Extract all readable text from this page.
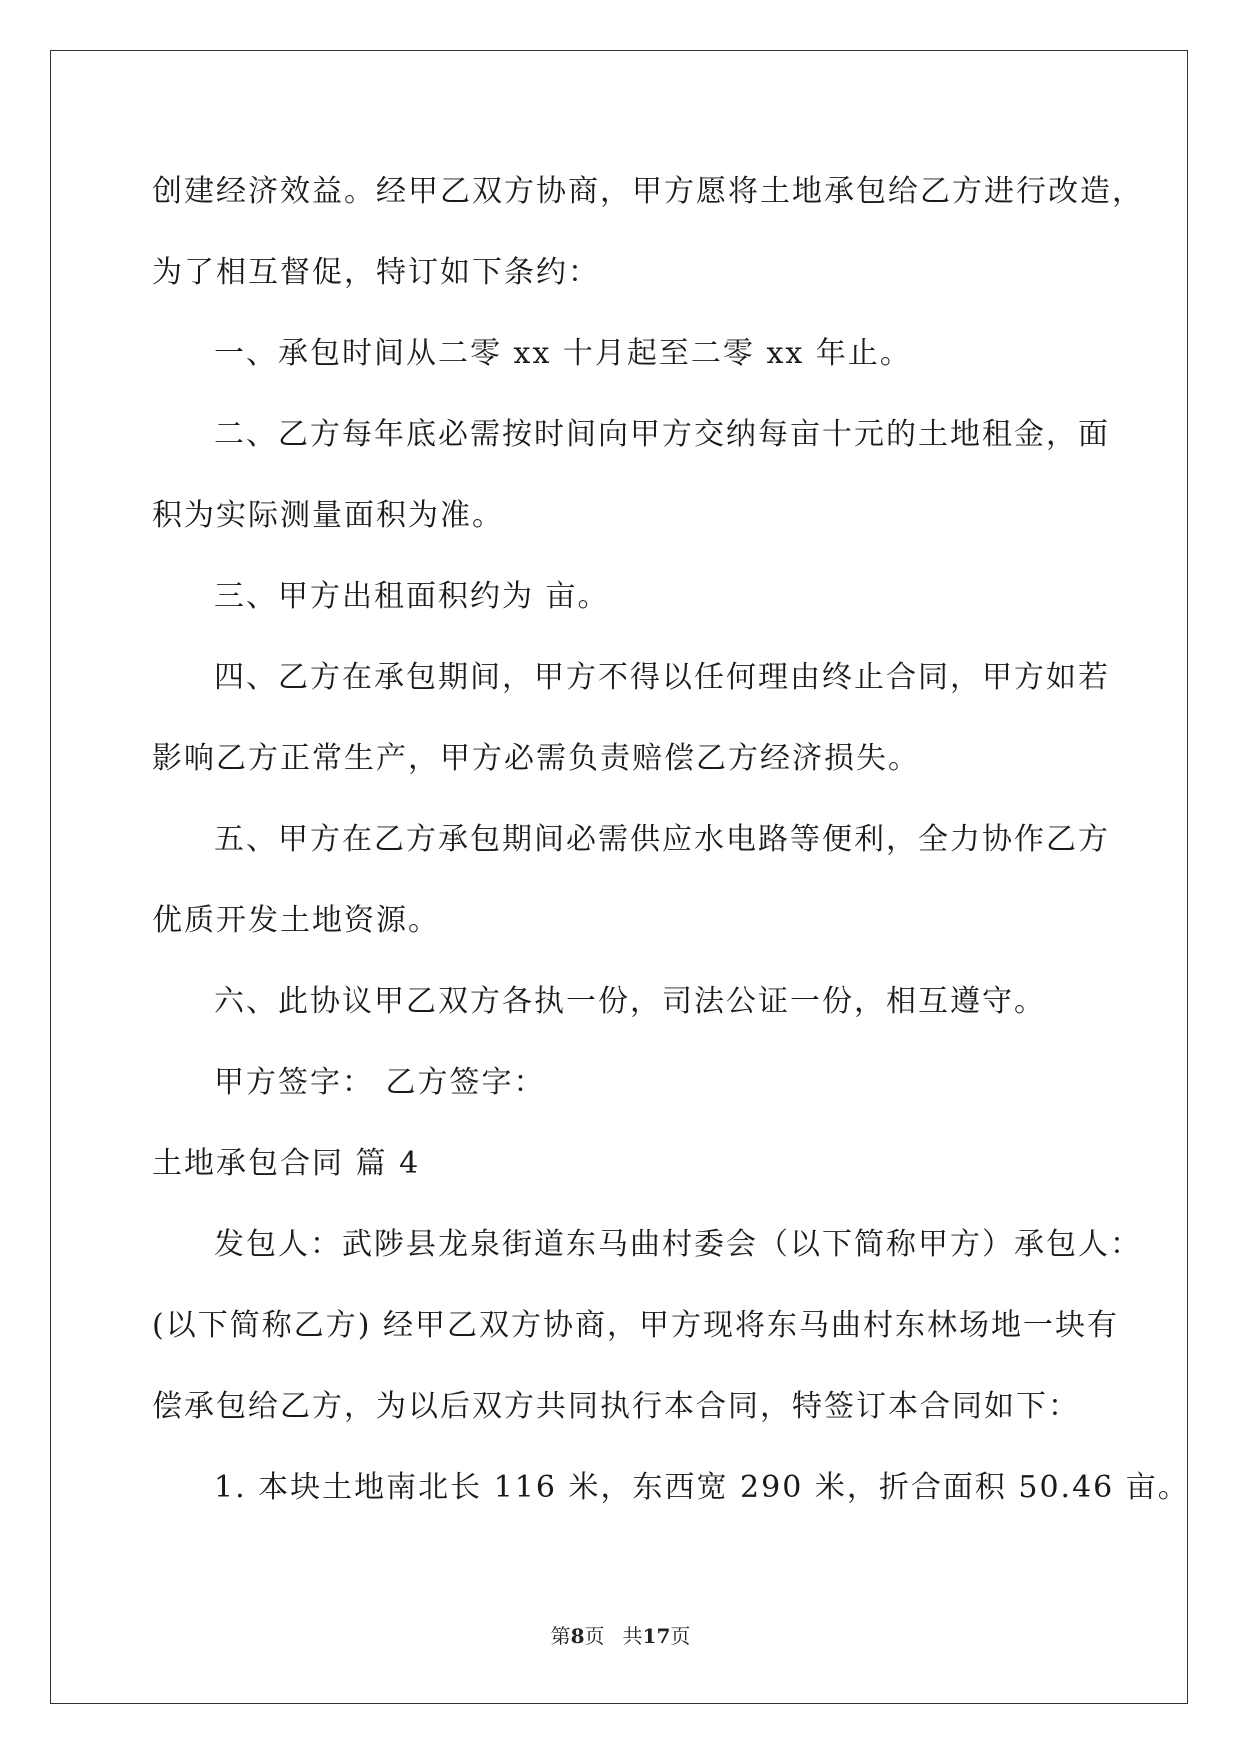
创建经济效益。经甲乙双方协商，甲方愿将土地承包给乙方进行改造，
为了相互督促，特订如下条约：
一、承包时间从二零 xx 十月起至二零 xx 年止。
二、乙方每年底必需按时间向甲方交纳每亩十元的土地租金，面
积为实际测量面积为准。
三、甲方出租面积约为 亩。
四、乙方在承包期间，甲方不得以任何理由终止合同，甲方如若
影响乙方正常生产，甲方必需负责赔偿乙方经济损失。
五、甲方在乙方承包期间必需供应水电路等便利，全力协作乙方
优质开发土地资源。
六、此协议甲乙双方各执一份，司法公证一份，相互遵守。
甲方签字： 乙方签字：
土地承包合同 篇 4
发包人：武陟县龙泉街道东马曲村委会（以下简称甲方）承包人：
(以下简称乙方) 经甲乙双方协商，甲方现将东马曲村东林场地一块有
偿承包给乙方，为以后双方共同执行本合同，特签订本合同如下：
1. 本块土地南北长 116 米，东西宽 290 米，折合面积 50.46 亩。
第8页 共17页
